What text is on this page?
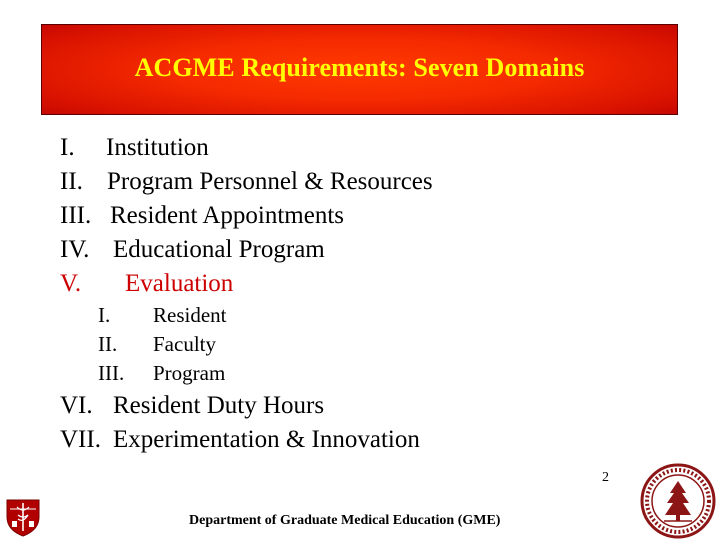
ACGME Requirements: Seven Domains
I.	Institution
II. Program Personnel & Resources
III. Resident Appointments
IV. Educational Program
V.	Evaluation
I.	Resident
II.	Faculty
III.	Program
VI. Resident Duty Hours
VII. Experimentation & Innovation
2
Department of Graduate Medical Education (GME)
